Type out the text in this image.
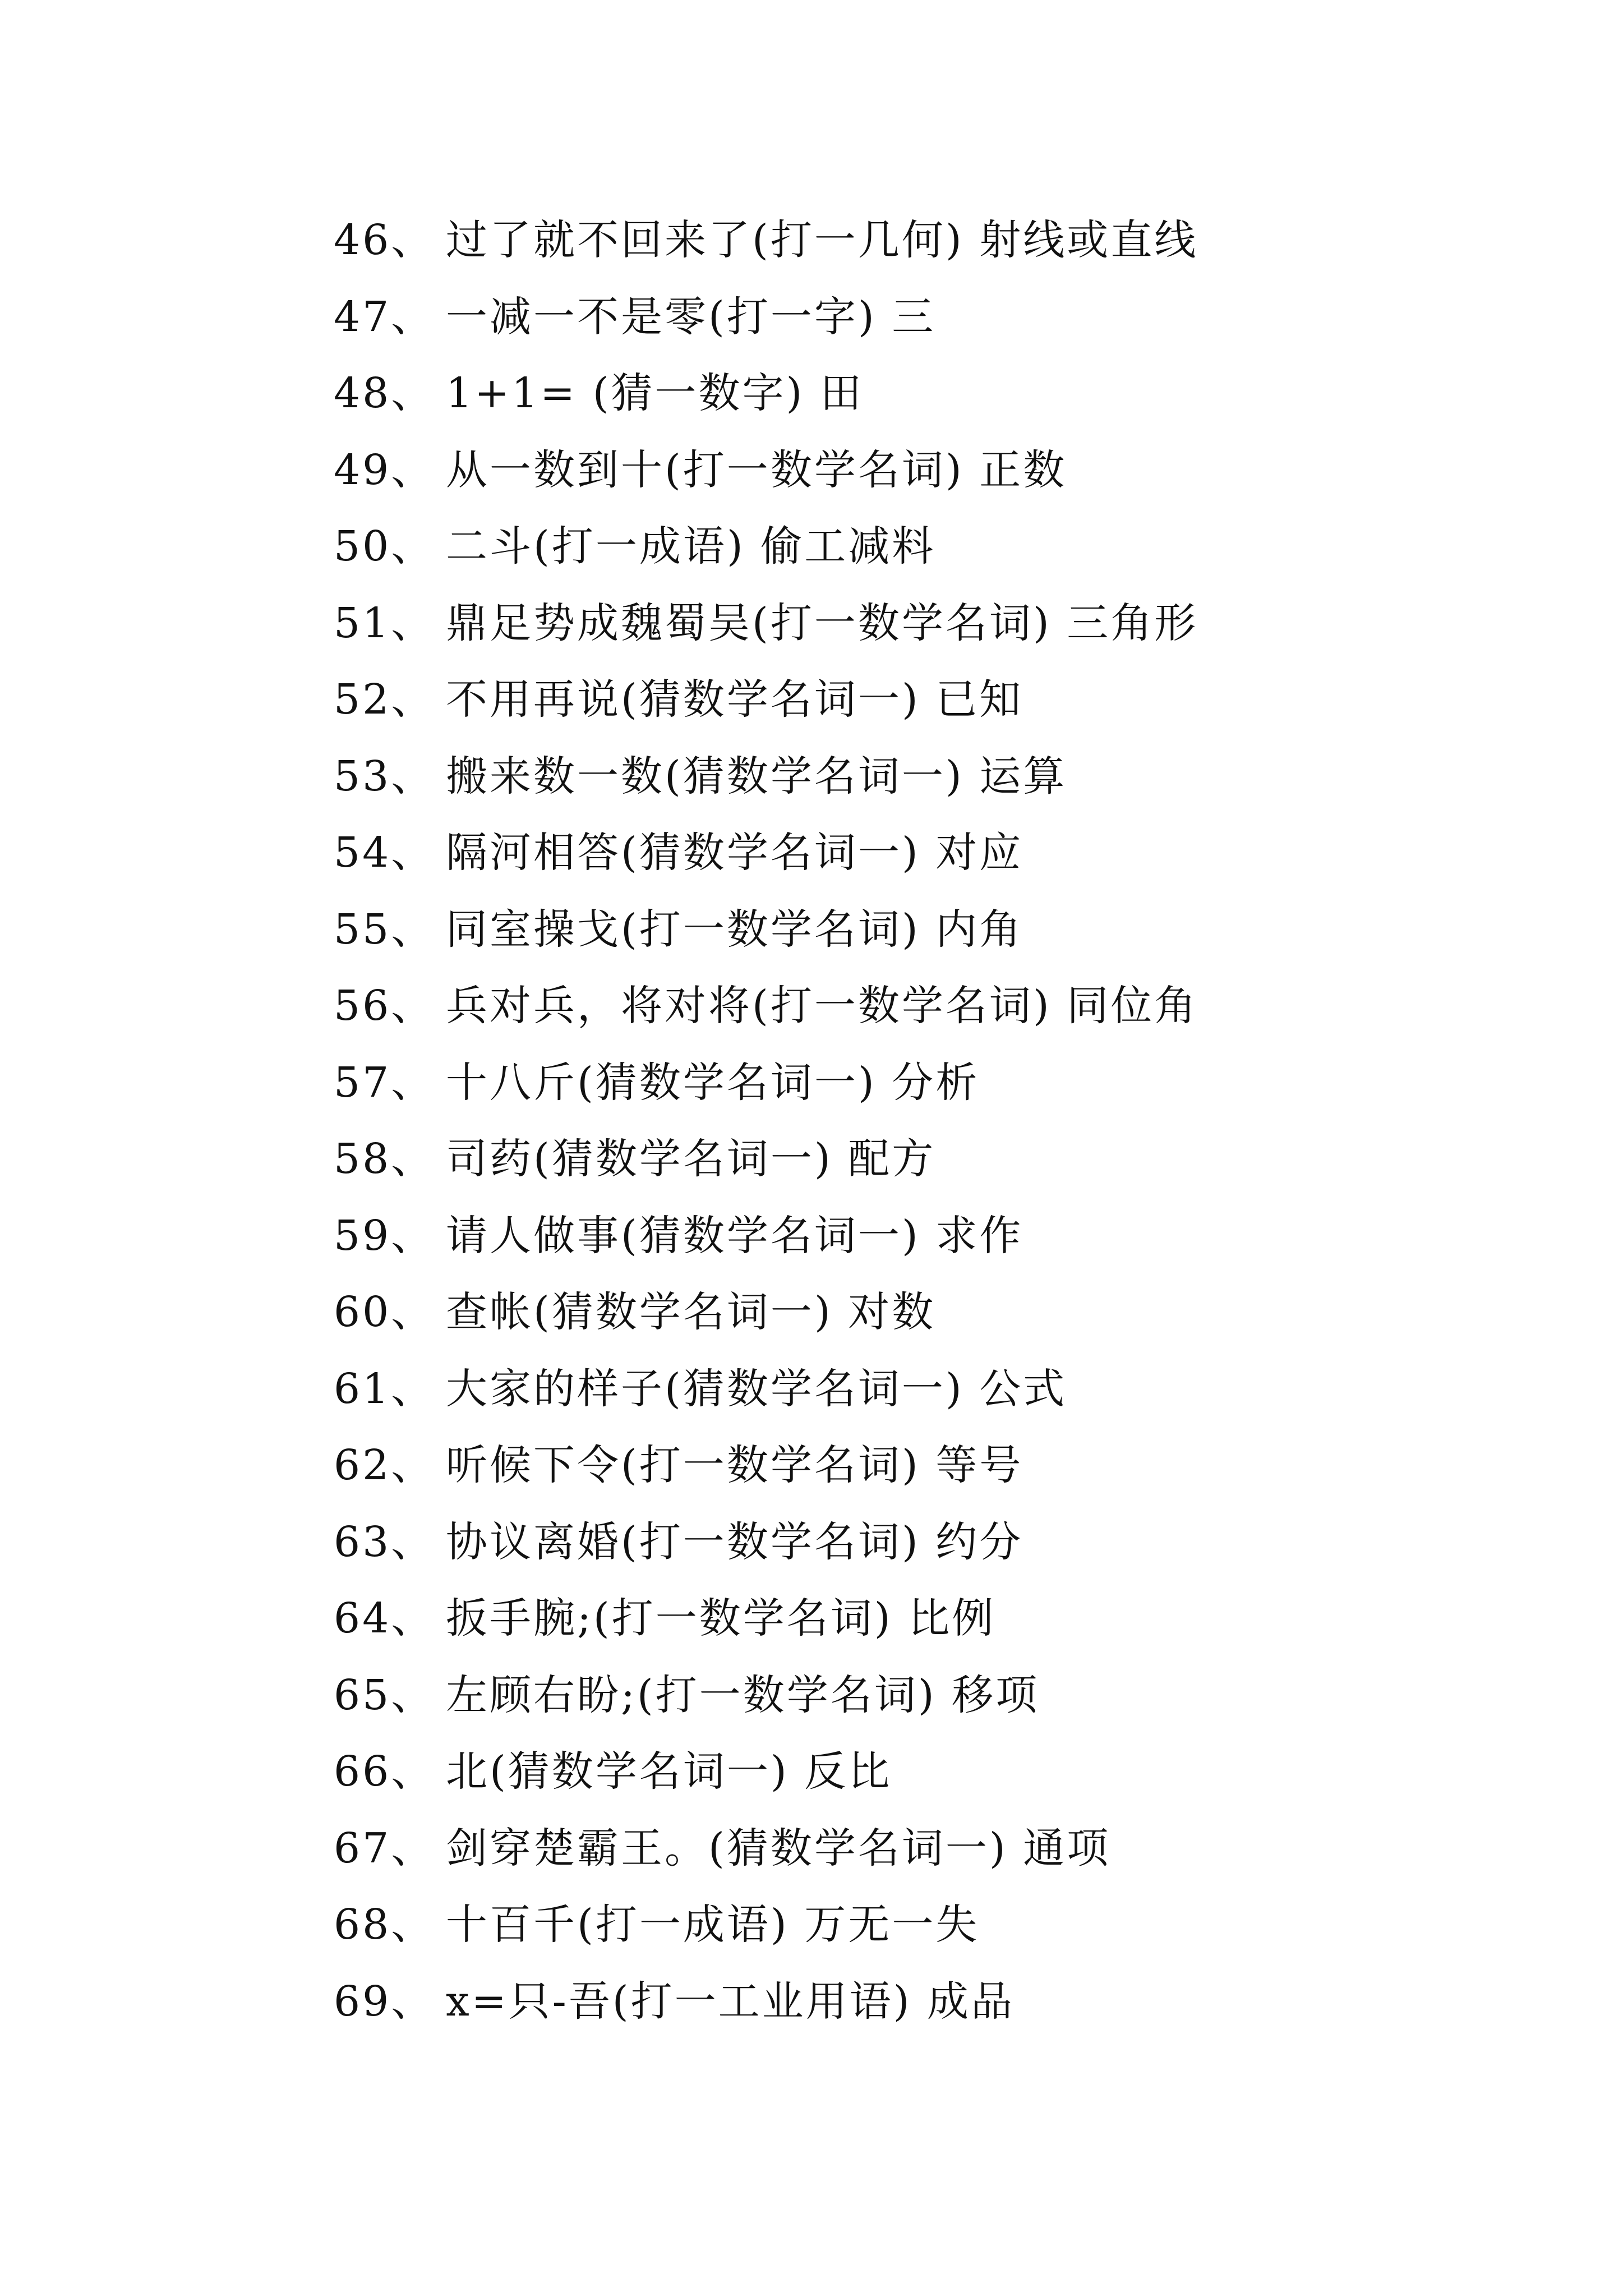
46、 过了就不回来了(打一几何) 射线或直线
47、 一减一不是零(打一字) 三
48、 1+1= (猜一数字) 田
49、 从一数到十(打一数学名词) 正数
50、 二斗(打一成语) 偷工减料
51、 鼎足势成魏蜀吴(打一数学名词) 三角形
52、 不用再说(猜数学名词一) 已知
53、 搬来数一数(猜数学名词一) 运算
54、 隔河相答(猜数学名词一) 对应
55、 同室操戈(打一数学名词) 内角
56、 兵对兵，将对将(打一数学名词) 同位角
57、 十八斤(猜数学名词一) 分析
58、 司药(猜数学名词一) 配方
59、 请人做事(猜数学名词一) 求作
60、 查帐(猜数学名词一) 对数
61、 大家的样子(猜数学名词一) 公式
62、 听候下令(打一数学名词) 等号
63、 协议离婚(打一数学名词) 约分
64、 扳手腕;(打一数学名词) 比例
65、 左顾右盼;(打一数学名词) 移项
66、 北(猜数学名词一) 反比
67、 剑穿楚霸王。(猜数学名词一) 通项
68、 十百千(打一成语) 万无一失
69、 x=只-吾(打一工业用语) 成品
